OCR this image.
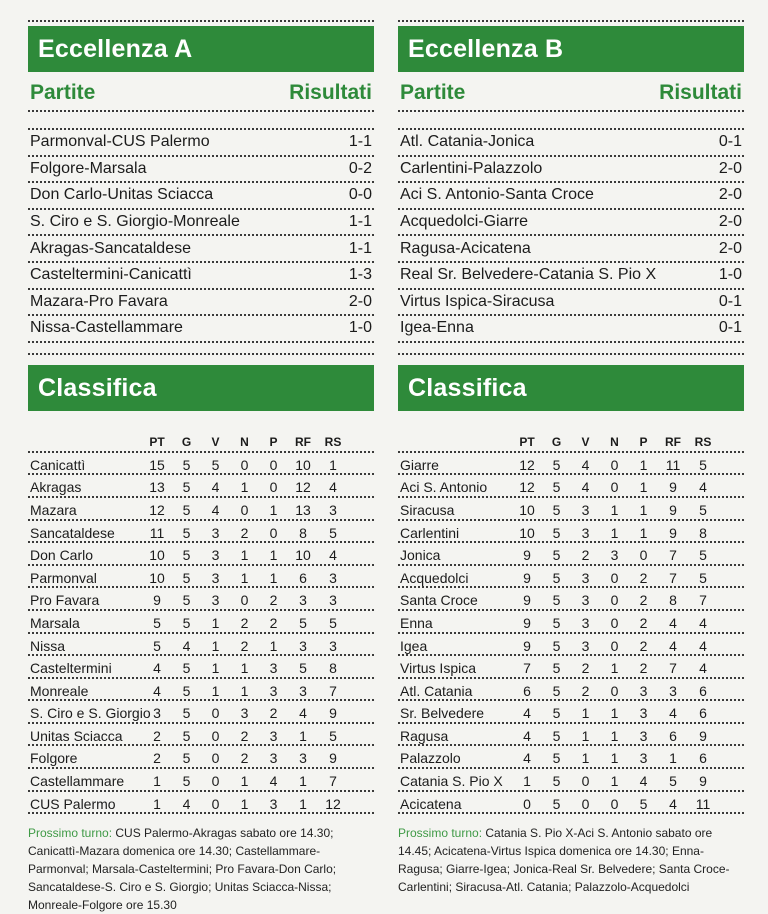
Eccellenza A
Partite	Risultati
Parmonval-CUS Palermo	1-1
Folgore-Marsala	0-2
Don Carlo-Unitas Sciacca	0-0
S. Ciro e S. Giorgio-Monreale	1-1
Akragas-Sancataldese	1-1
Casteltermini-Canicattì	1-3
Mazara-Pro Favara	2-0
Nissa-Castellammare	1-0
Classifica
PT	G	V	N	P	RF	RS
Canicattì	15	5	5	0	0	10	1
Akragas	13	5	4	1	0	12	4
Mazara	12	5	4	0	1	13	3
Sancataldese	11	5	3	2	0	8	5
Don Carlo	10	5	3	1	1	10	4
Parmonval	10	5	3	1	1	6	3
Pro Favara	9	5	3	0	2	3	3
Marsala	5	5	1	2	2	5	5
Nissa	5	4	1	2	1	3	3
Casteltermini	4	5	1	1	3	5	8
Monreale	4	5	1	1	3	3	7
S. Ciro e S. Giorgio 3	5	0	3	2	4	9
Unitas Sciacca	2	5	0	2	3	1	5
Folgore	2	5	0	2	3	3	9
Castellammare	1	5	0	1	4	1	7
CUS Palermo	1	4	0	1	3	1	12
Prossimo turno: CUS Palermo-Akragas sabato ore 14.30; Canicattì-Mazara domenica ore 14.30; Castellammare-Parmonval; Marsala-Casteltermini; Pro Favara-Don Carlo; Sancataldese-S. Ciro e S. Giorgio; Unitas Sciacca-Nissa; Monreale-Folgore ore 15.30
Eccellenza B
Partite	Risultati
Atl. Catania-Jonica	0-1
Carlentini-Palazzolo	2-0
Aci S. Antonio-Santa Croce	2-0
Acquedolci-Giarre	2-0
Ragusa-Acicatena	2-0
Real Sr. Belvedere-Catania S. Pio X	1-0
Virtus Ispica-Siracusa	0-1
Igea-Enna	0-1
Classifica
PT	G	V	N	P	RF	RS
Giarre	12	5	4	0	1	11	5
Aci S. Antonio	12	5	4	0	1	9	4
Siracusa	10	5	3	1	1	9	5
Carlentini	10	5	3	1	1	9	8
Jonica	9	5	2	3	0	7	5
Acquedolci	9	5	3	0	2	7	5
Santa Croce	9	5	3	0	2	8	7
Enna	9	5	3	0	2	4	4
Igea	9	5	3	0	2	4	4
Virtus Ispica	7	5	2	1	2	7	4
Atl. Catania	6	5	2	0	3	3	6
Sr. Belvedere	4	5	1	1	3	4	6
Ragusa	4	5	1	1	3	6	9
Palazzolo	4	5	1	1	3	1	6
Catania S. Pio X	1	5	0	1	4	5	9
Acicatena	0	5	0	0	5	4	11
Prossimo turno: Catania S. Pio X-Aci S. Antonio sabato ore 14.45; Acicatena-Virtus Ispica domenica ore 14.30; Enna-Ragusa; Giarre-Igea; Jonica-Real Sr. Belvedere; Santa Croce-Carlentini; Siracusa-Atl. Catania; Palazzolo-Acquedolci
